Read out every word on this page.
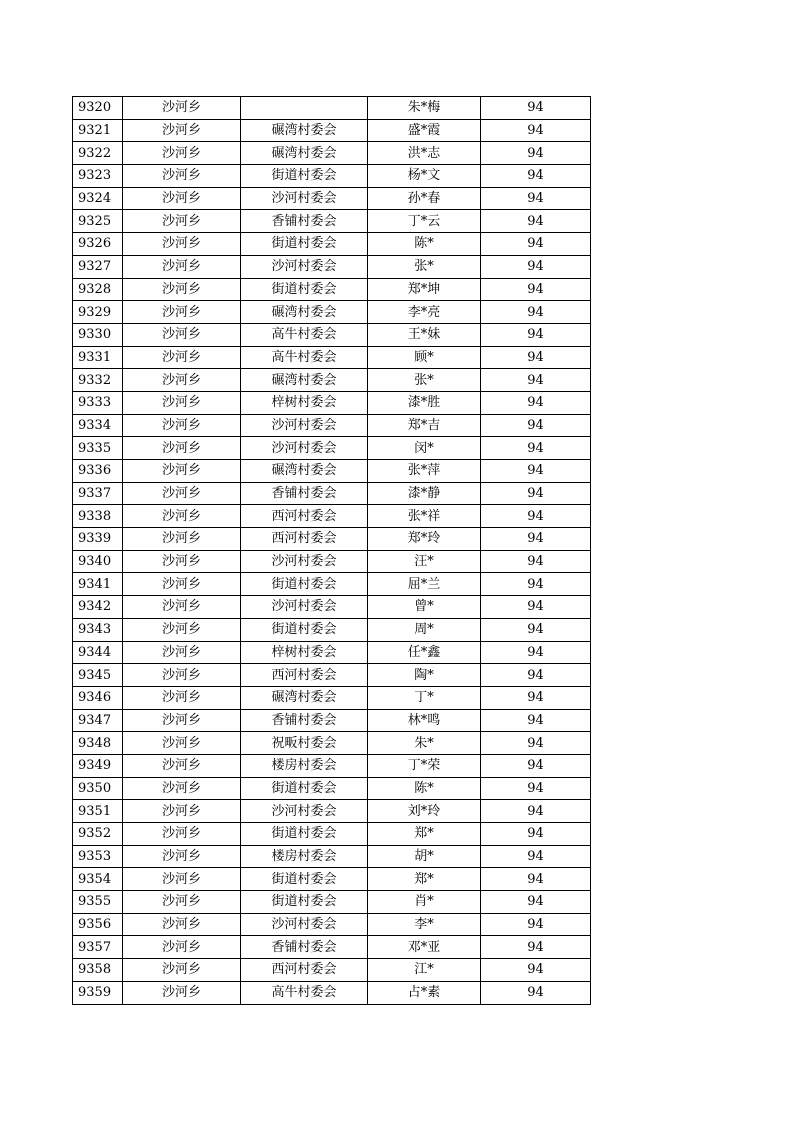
9320	沙河乡		朱*梅	94
9321	沙河乡	碾湾村委会	盛*霞	94
9322	沙河乡	碾湾村委会	洪*志	94
9323	沙河乡	街道村委会	杨*文	94
9324	沙河乡	沙河村委会	孙*春	94
9325	沙河乡	香铺村委会	丁*云	94
9326	沙河乡	街道村委会	陈*	94
9327	沙河乡	沙河村委会	张*	94
9328	沙河乡	街道村委会	郑*坤	94
9329	沙河乡	碾湾村委会	李*亮	94
9330	沙河乡	高牛村委会	王*妹	94
9331	沙河乡	高牛村委会	顾*	94
9332	沙河乡	碾湾村委会	张*	94
9333	沙河乡	梓树村委会	漆*胜	94
9334	沙河乡	沙河村委会	郑*吉	94
9335	沙河乡	沙河村委会	闵*	94
9336	沙河乡	碾湾村委会	张*萍	94
9337	沙河乡	香铺村委会	漆*静	94
9338	沙河乡	西河村委会	张*祥	94
9339	沙河乡	西河村委会	郑*玲	94
9340	沙河乡	沙河村委会	汪*	94
9341	沙河乡	街道村委会	屈*兰	94
9342	沙河乡	沙河村委会	曾*	94
9343	沙河乡	街道村委会	周*	94
9344	沙河乡	梓树村委会	任*鑫	94
9345	沙河乡	西河村委会	陶*	94
9346	沙河乡	碾湾村委会	丁*	94
9347	沙河乡	香铺村委会	林*鸣	94
9348	沙河乡	祝畈村委会	朱*	94
9349	沙河乡	楼房村委会	丁*荣	94
9350	沙河乡	街道村委会	陈*	94
9351	沙河乡	沙河村委会	刘*玲	94
9352	沙河乡	街道村委会	郑*	94
9353	沙河乡	楼房村委会	胡*	94
9354	沙河乡	街道村委会	郑*	94
9355	沙河乡	街道村委会	肖*	94
9356	沙河乡	沙河村委会	李*	94
9357	沙河乡	香铺村委会	邓*亚	94
9358	沙河乡	西河村委会	江*	94
9359	沙河乡	高牛村委会	占*素	94
